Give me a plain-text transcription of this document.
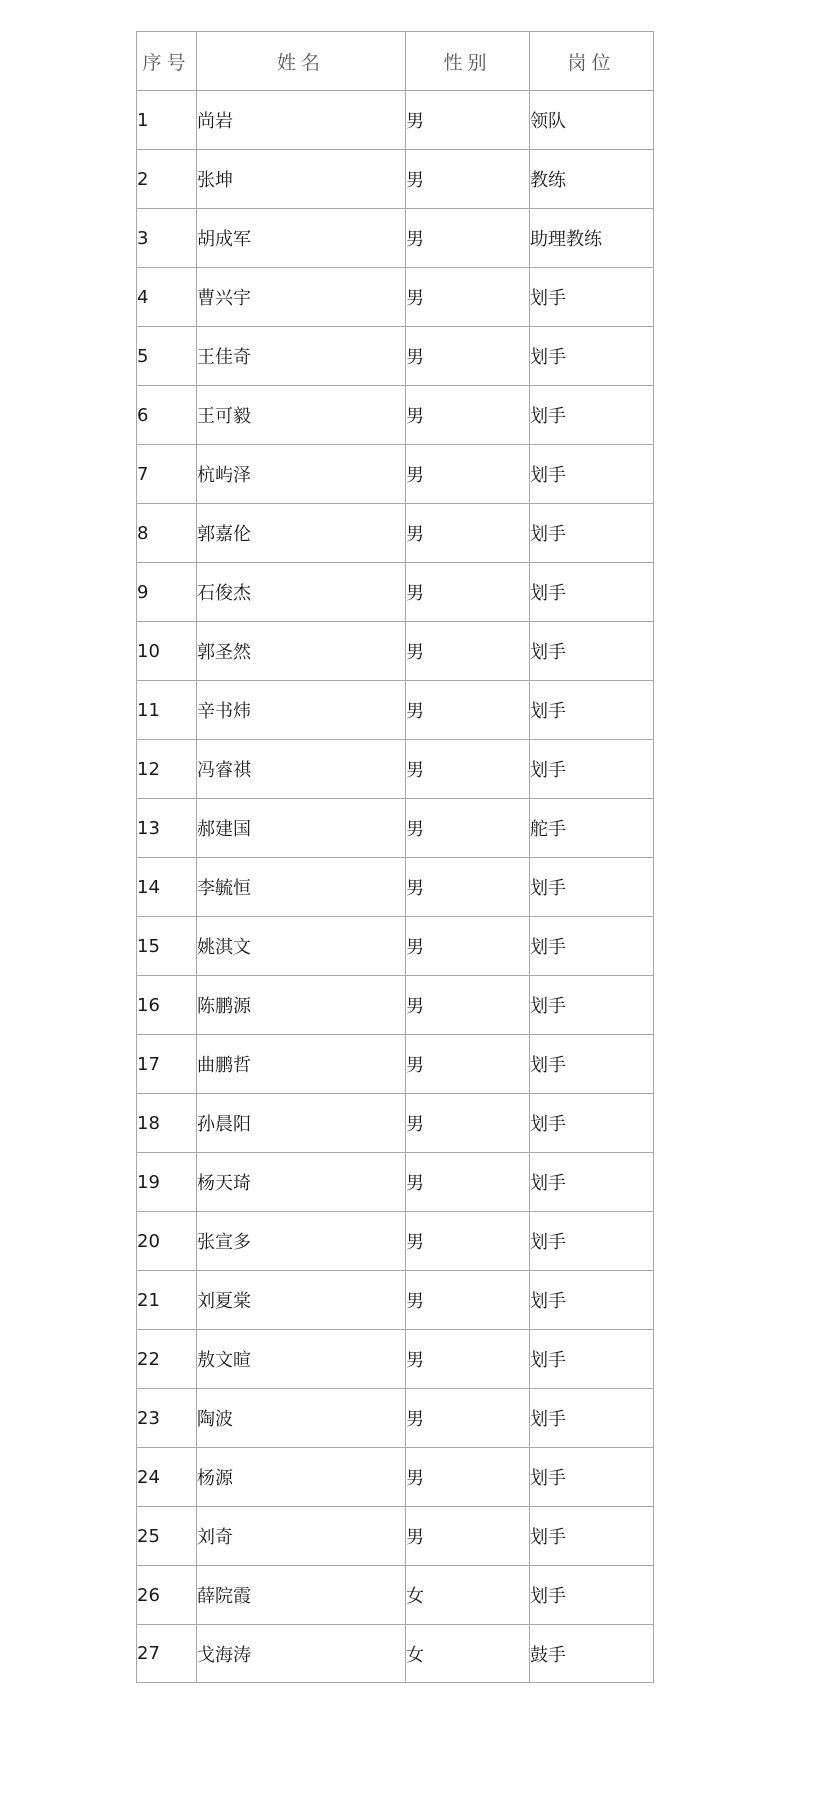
序号	姓名	性别	岗位
1	尚岩	男	领队
2	张坤	男	教练
3	胡成军	男	助理教练
4	曹兴宇	男	划手
5	王佳奇	男	划手
6	王可毅	男	划手
7	杭屿泽	男	划手
8	郭嘉伦	男	划手
9	石俊杰	男	划手
10	郭圣然	男	划手
11	辛书炜	男	划手
12	冯睿祺	男	划手
13	郝建国	男	舵手
14	李毓恒	男	划手
15	姚淇文	男	划手
16	陈鹏源	男	划手
17	曲鹏哲	男	划手
18	孙晨阳	男	划手
19	杨天琦	男	划手
20	张宣多	男	划手
21	刘夏棠	男	划手
22	敖文暄	男	划手
23	陶波	男	划手
24	杨源	男	划手
25	刘奇	男	划手
26	薛院霞	女	划手
27	戈海涛	女	鼓手
